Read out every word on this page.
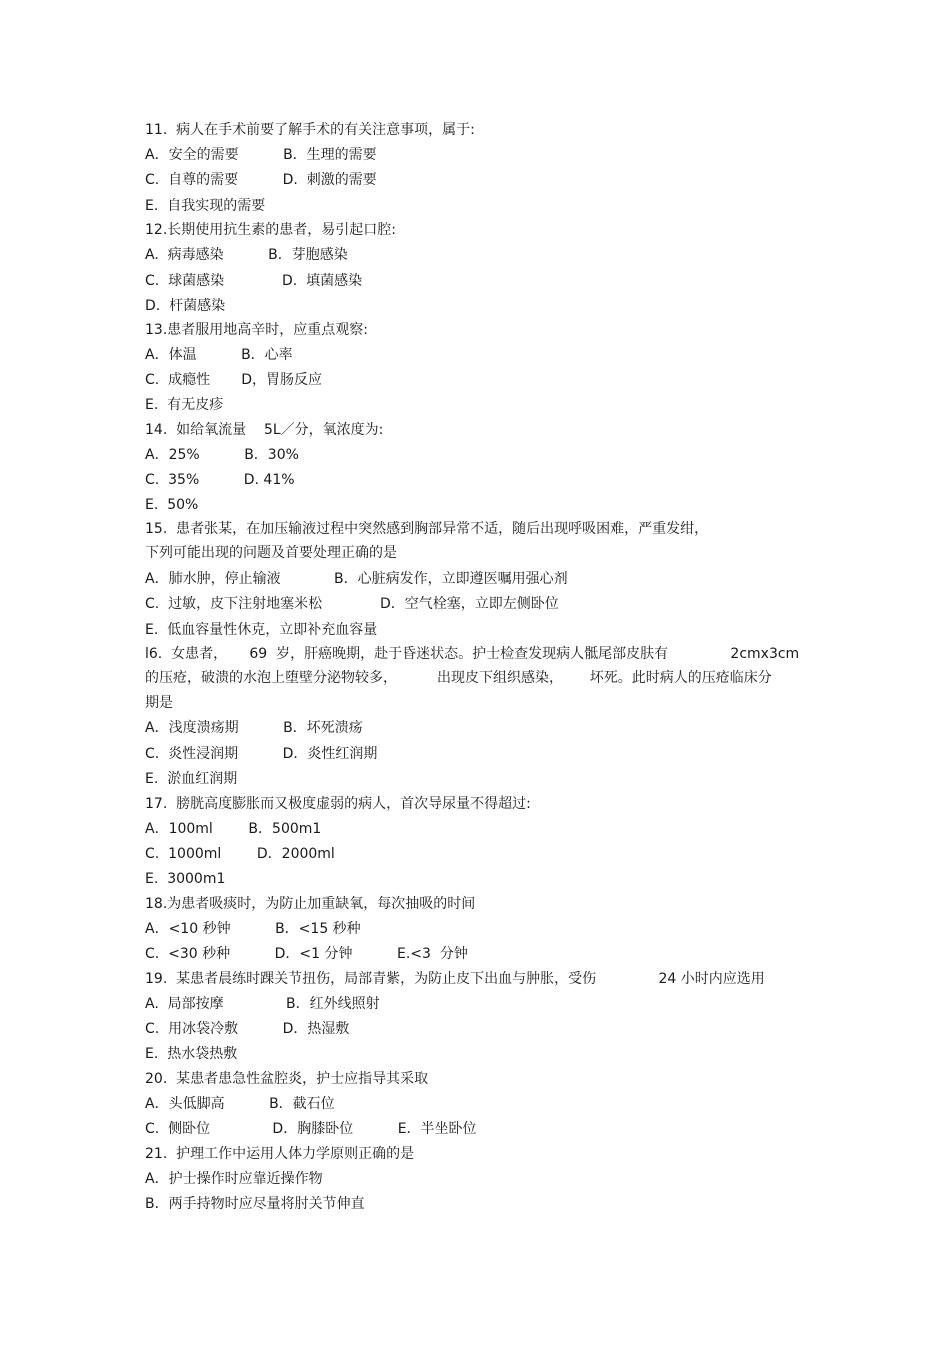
11.  病人在手术前要了解手术的有关注意事项，属于:
A．安全的需要          B．生理的需要
C.  自尊的需要          D.  刺激的需要
E.  自我实现的需要
12.长期使用抗生素的患者，易引起口腔:
A.  病毒感染          B．芽胞感染
C.  球菌感染             D.  填菌感染
D.  杆菌感染
13.患者服用地高辛时，应重点观察:
A．体温          B．心率
C.  成瘾性       D，胃肠反应
E.  有无皮疹
14.  如给氧流量    5L／分，氧浓度为:
A．25%          B．30%
C.  35%          D. 41%
E.  50%
15.  患者张某，在加压输液过程中突然感到胸部异常不适，随后出现呼吸困难，严重发绀，
下列可能出现的问题及首要处理正确的是
A．肺水肿，停止输液            B．心脏病发作，立即遵医嘱用强心剂
C.  过敏，皮下注射地塞米松             D．空气栓塞，立即左侧卧位
E.  低血容量性休克，立即补充血容量
l6.  女患者，     69  岁，肝癌晚期，赴于昏迷状态。护士检查发现病人骶尾部皮肤有              2cmx3cm
的压疮，破溃的水泡上堕壁分泌物较多，         出现皮下组织感染，      坏死。此时病人的压疮临床分
期是
A．浅度溃疡期          B．坏死溃疡
C.  炎性浸润期          D．炎性红润期
E.  淤血红润期
17.  膀胱高度膨胀而又极度虚弱的病人，首次导尿量不得超过:
A．100ml        B．500m1
C.  1000ml        D．2000ml
E.  3000m1
18.为患者吸痰时，为防止加重缺氧，每次抽吸的时间
A．<10 秒钟          B．<15 秒种
C.  <30 秒种          D．<1 分钟          E.<3  分钟
19.  某患者晨练时踝关节扭伤，局部青紫，为防止皮下出血与肿胀，受伤              24 小时内应选用
A.  局部按摩              B．红外线照射
C.  用冰袋冷敷          D．热湿敷
E.  热水袋热敷
20.  某患者患急性盆腔炎，护士应指导其采取
A．头低脚高          B．截石位
C.  侧卧位              D．胸膝卧位          E．半坐卧位
21.  护理工作中运用人体力学原则正确的是
A．护士操作时应靠近操作物
B．两手持物时应尽量将肘关节伸直
